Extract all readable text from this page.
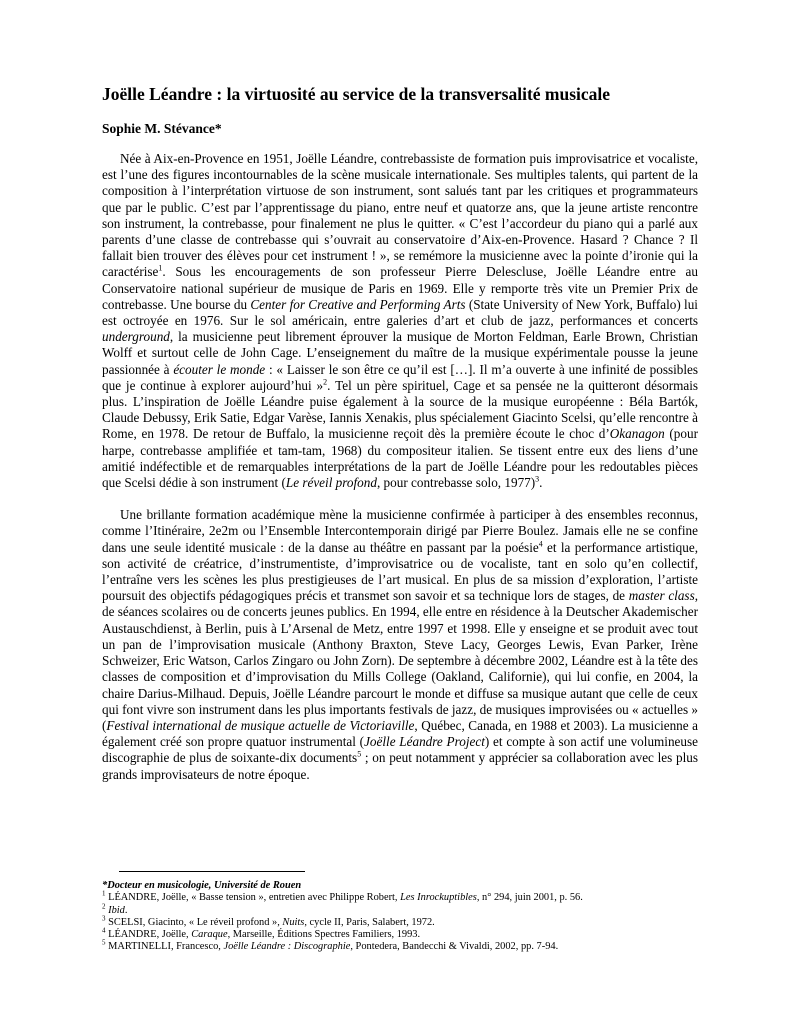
Joëlle Léandre : la virtuosité au service de la transversalité musicale
Sophie M. Stévance*

Née à Aix-en-Provence en 1951, Joëlle Léandre, contrebassiste de formation puis improvisatrice et vocaliste, est l’une des figures incontournables de la scène musicale internationale. Ses multiples talents, qui partent de la composition à l’interprétation virtuose de son instrument, sont salués tant par les critiques et programmateurs que par le public. C’est par l’apprentissage du piano, entre neuf et quatorze ans, que la jeune artiste rencontre son instrument, la contrebasse, pour finalement ne plus le quitter. « C’est l’accordeur du piano qui a parlé aux parents d’une classe de contrebasse qui s’ouvrait au conservatoire d’Aix-en-Provence. Hasard ? Chance ? Il fallait bien trouver des élèves pour cet instrument ! », se remémore la musicienne avec la pointe d’ironie qui la caractérise$^1$. Sous les encouragements de son professeur Pierre Delescluse, Joëlle Léandre entre au Conservatoire national supérieur de musique de Paris en 1969. Elle y remporte très vite un Premier Prix de contrebasse. Une bourse du Center for Creative and Performing Arts (State University of New York, Buffalo) lui est octroyée en 1976. Sur le sol américain, entre galeries d’art et club de jazz, performances et concerts underground, la musicienne peut librement éprouver la musique de Morton Feldman, Earle Brown, Christian Wolff et surtout celle de John Cage. L’enseignement du maître de la musique expérimentale pousse la jeune passionnée à écouter le monde : « Laisser le son être ce qu’il est […]. Il m’a ouverte à une infinité de possibles que je continue à explorer aujourd’hui »$^2$. Tel un père spirituel, Cage et sa pensée ne la quitteront désormais plus. L’inspiration de Joëlle Léandre puise également à la source de la musique européenne : Béla Bartók, Claude Debussy, Erik Satie, Edgar Varèse, Iannis Xenakis, plus spécialement Giacinto Scelsi, qu’elle rencontre à Rome, en 1978. De retour de Buffalo, la musicienne reçoit dès la première écoute le choc d’Okanagon (pour harpe, contrebasse amplifiée et tam-tam, 1968) du compositeur italien. Se tissent entre eux des liens d’une amitié indéfectible et de remarquables interprétations de la part de Joëlle Léandre pour les redoutables pièces que Scelsi dédie à son instrument (Le réveil profond, pour contrebasse solo, 1977)$^3$.

Une brillante formation académique mène la musicienne confirmée à participer à des ensembles reconnus, comme l’Itinéraire, 2e2m ou l’Ensemble Intercontemporain dirigé par Pierre Boulez. Jamais elle ne se confine dans une seule identité musicale : de la danse au théâtre en passant par la poésie$^4$ et la performance artistique, son activité de créatrice, d’instrumentiste, d’improvisatrice ou de vocaliste, tant en solo qu’en collectif, l’entraîne vers les scènes les plus prestigieuses de l’art musical. En plus de sa mission d’exploration, l’artiste poursuit des objectifs pédagogiques précis et transmet son savoir et sa technique lors de stages, de master class, de séances scolaires ou de concerts jeunes publics. En 1994, elle entre en résidence à la Deutscher Akademischer Austauschdienst, à Berlin, puis à L’Arsenal de Metz, entre 1997 et 1998. Elle y enseigne et se produit avec tout un pan de l’improvisation musicale (Anthony Braxton, Steve Lacy, Georges Lewis, Evan Parker, Irène Schweizer, Eric Watson, Carlos Zingaro ou John Zorn). De septembre à décembre 2002, Léandre est à la tête des classes de composition et d’improvisation du Mills College (Oakland, Californie), qui lui confie, en 2004, la chaire Darius-Milhaud. Depuis, Joëlle Léandre parcourt le monde et diffuse sa musique autant que celle de ceux qui font vivre son instrument dans les plus importants festivals de jazz, de musiques improvisées ou « actuelles » (Festival international de musique actuelle de Victoriaville, Québec, Canada, en 1988 et 2003). La musicienne a également créé son propre quatuor instrumental (Joëlle Léandre Project) et compte à son actif une volumineuse discographie de plus de soixante-dix documents$^5$ ; on peut notamment y apprécier sa collaboration avec les plus grands improvisateurs de notre époque.

*Docteur en musicologie, Université de Rouen
$^1$ LÉANDRE, Joëlle, « Basse tension », entretien avec Philippe Robert, Les Inrockuptibles, n° 294, juin 2001, p. 56.
$^2$ Ibid.
$^3$ SCELSI, Giacinto, « Le réveil profond », Nuits, cycle II, Paris, Salabert, 1972.
$^4$ LÉANDRE, Joëlle, Caraque, Marseille, Éditions Spectres Familiers, 1993.
$^5$ MARTINELLI, Francesco, Joëlle Léandre : Discographie, Pontedera, Bandecchi & Vivaldi, 2002, pp. 7-94.
